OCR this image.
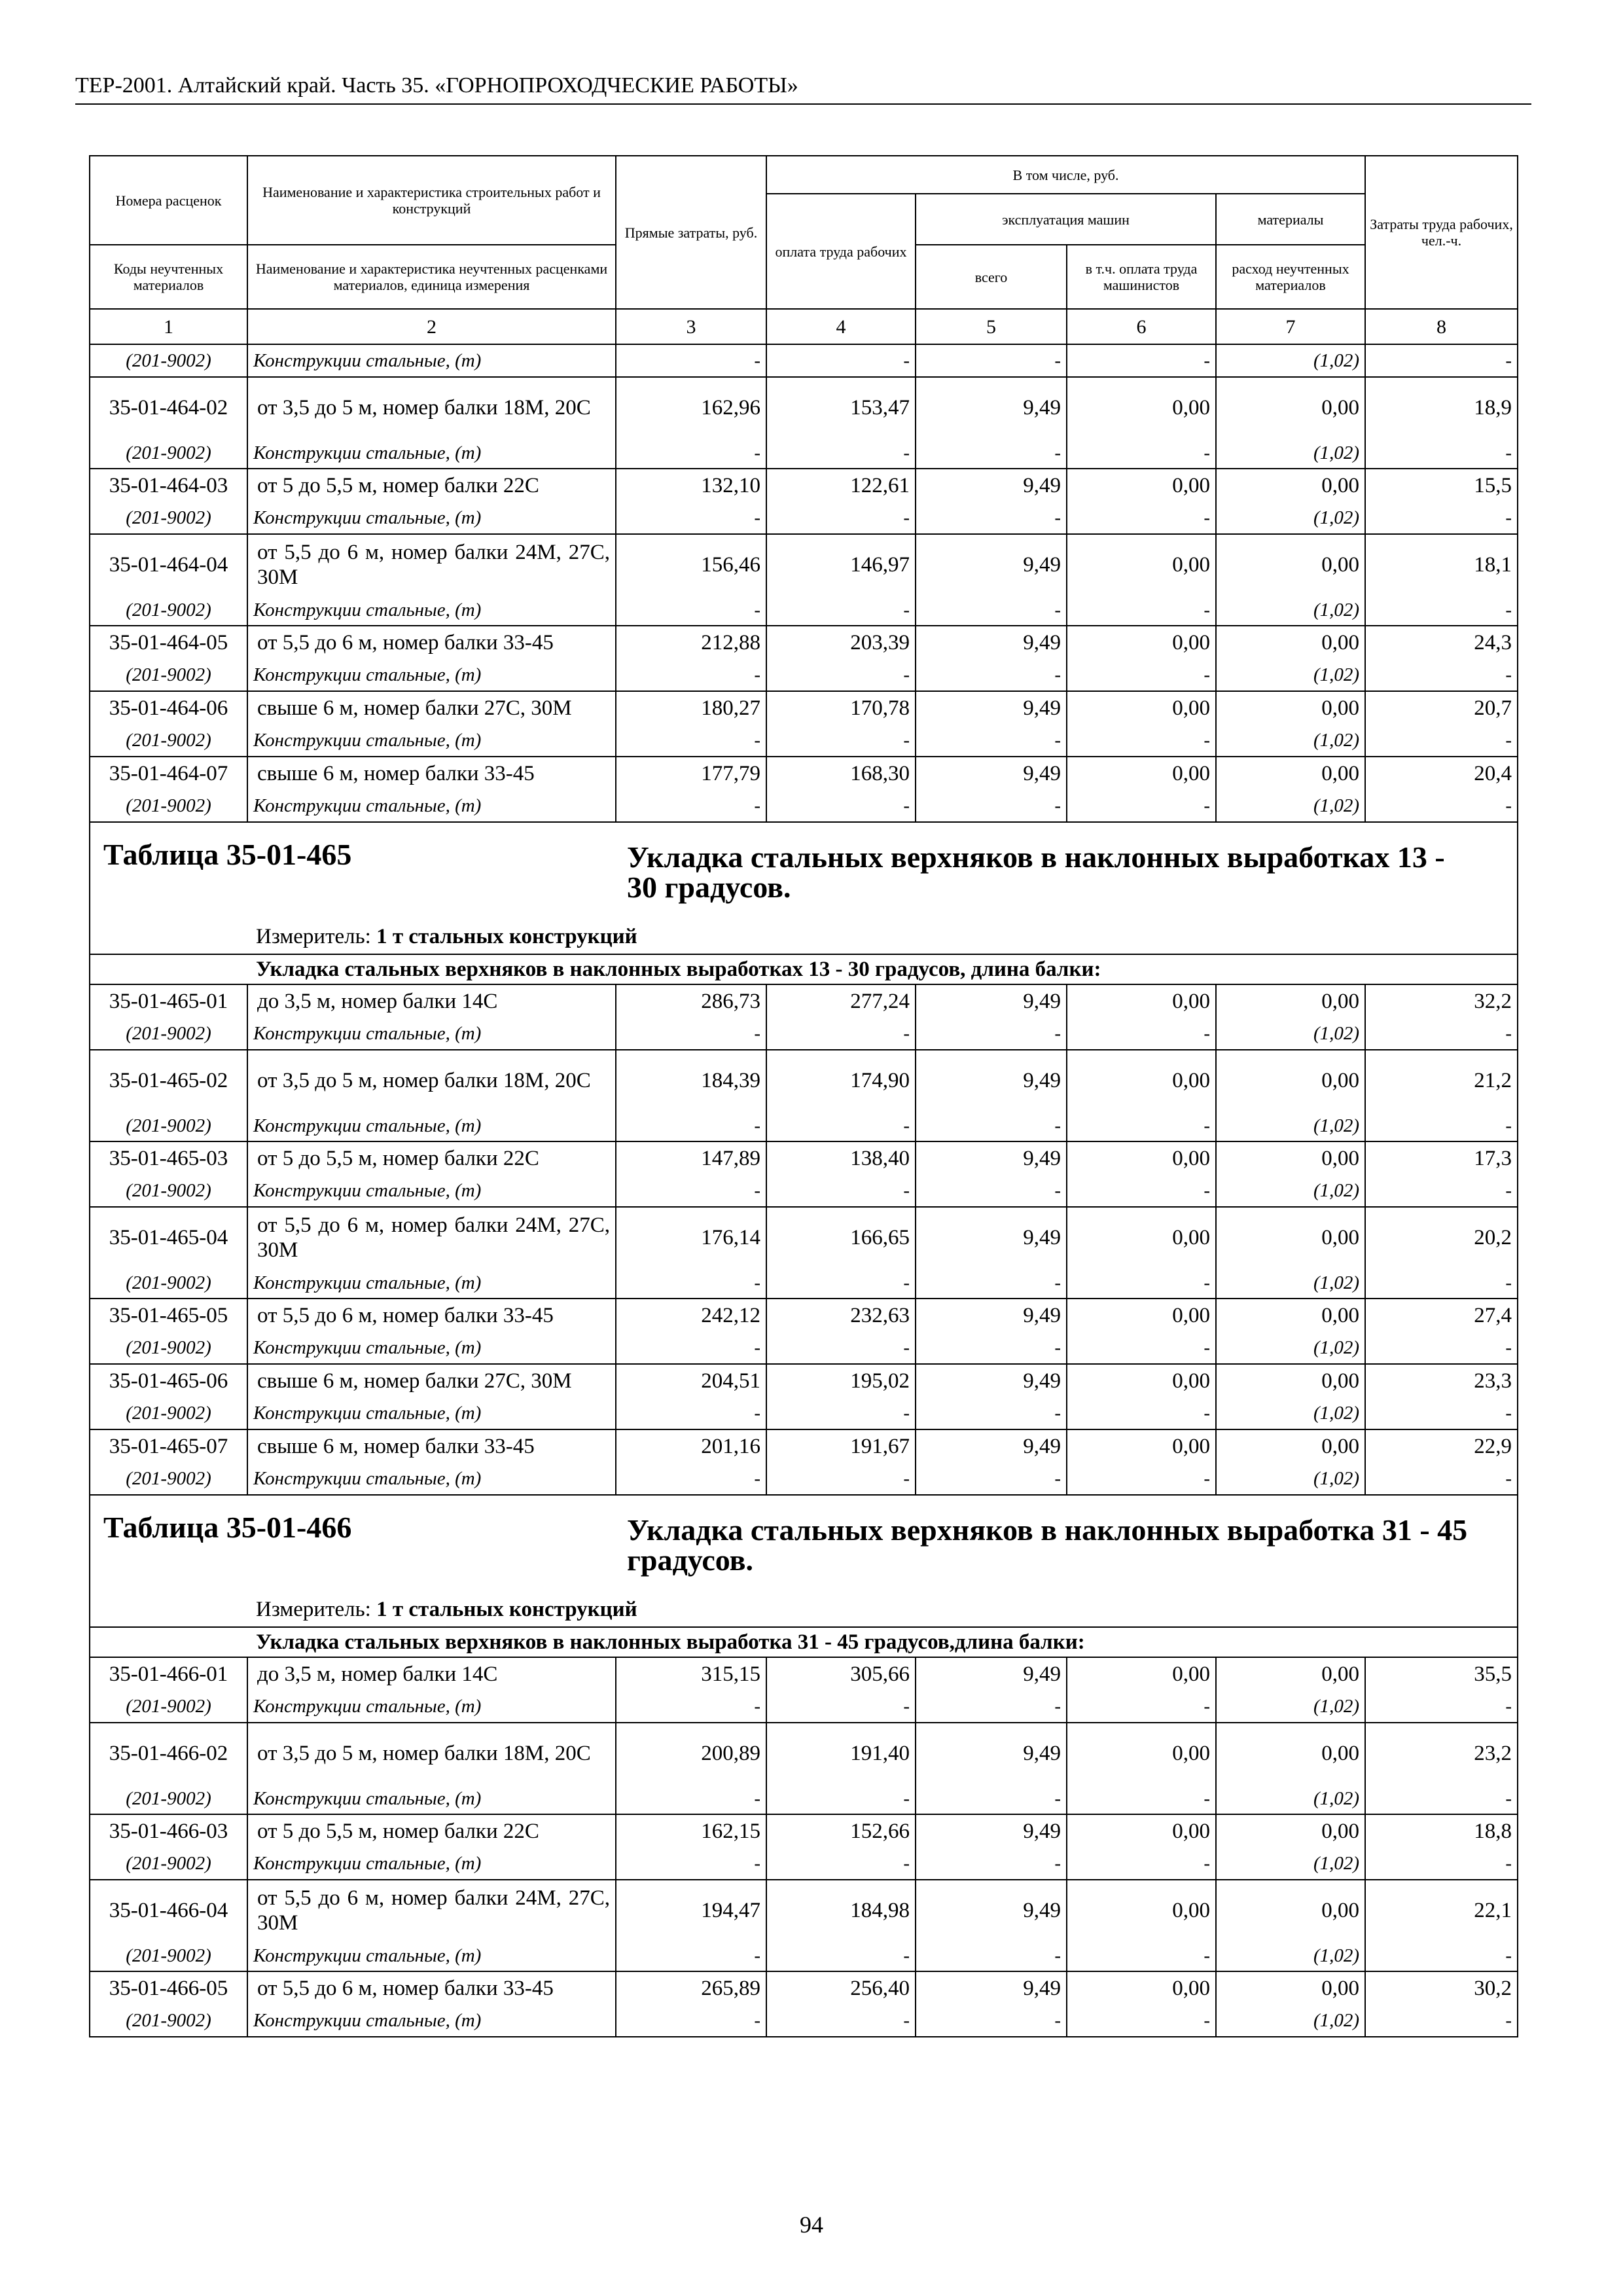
ТЕР-2001. Алтайский край. Часть 35. «ГОРНОПРОХОДЧЕСКИЕ РАБОТЫ»
Номера расценок	Наименование и характеристика строительных работ и конструкций	Прямые затраты, руб.	В том числе, руб.				Затраты труда рабочих, чел.-ч.
			оплата труда рабочих	эксплуатация машин		материалы	
Коды неучтенных материалов	Наименование и характеристика неучтенных расценками материалов, единица измерения			всего	в т.ч. оплата труда машинистов	расход неучтенных материалов	
1	2	3	4	5	6	7	8
(201-9002)	Конструкции стальные, (т)	-	-	-	-	(1,02)	-
35-01-464-02	от 3,5 до 5 м, номер балки 18М, 20С	162,96	153,47	9,49	0,00	0,00	18,9
(201-9002)	Конструкции стальные, (т)	-	-	-	-	(1,02)	-
35-01-464-03	от 5 до 5,5 м, номер балки 22С	132,10	122,61	9,49	0,00	0,00	15,5
(201-9002)	Конструкции стальные, (т)	-	-	-	-	(1,02)	-
35-01-464-04	от 5,5 до 6 м, номер балки 24М, 27С, 30М	156,46	146,97	9,49	0,00	0,00	18,1
(201-9002)	Конструкции стальные, (т)	-	-	-	-	(1,02)	-
35-01-464-05	от 5,5 до 6 м, номер балки 33-45	212,88	203,39	9,49	0,00	0,00	24,3
(201-9002)	Конструкции стальные, (т)	-	-	-	-	(1,02)	-
35-01-464-06	свыше 6 м, номер балки 27С, 30М	180,27	170,78	9,49	0,00	0,00	20,7
(201-9002)	Конструкции стальные, (т)	-	-	-	-	(1,02)	-
35-01-464-07	свыше 6 м, номер балки 33-45	177,79	168,30	9,49	0,00	0,00	20,4
(201-9002)	Конструкции стальные, (т)	-	-	-	-	(1,02)	-

Таблица 35-01-465 Укладка стальных верхняков в наклонных выработках 13 - 30 градусов.
Измеритель: 1 т стальных конструкций							

Укладка стальных верхняков в наклонных выработках 13 - 30 градусов, длина балки:							
35-01-465-01	до 3,5 м, номер балки 14С	286,73	277,24	9,49	0,00	0,00	32,2
(201-9002)	Конструкции стальные, (т)	-	-	-	-	(1,02)	-
35-01-465-02	от 3,5 до 5 м, номер балки 18М, 20С	184,39	174,90	9,49	0,00	0,00	21,2
(201-9002)	Конструкции стальные, (т)	-	-	-	-	(1,02)	-
35-01-465-03	от 5 до 5,5 м, номер балки 22С	147,89	138,40	9,49	0,00	0,00	17,3
(201-9002)	Конструкции стальные, (т)	-	-	-	-	(1,02)	-
35-01-465-04	от 5,5 до 6 м, номер балки 24М, 27С, 30М	176,14	166,65	9,49	0,00	0,00	20,2
(201-9002)	Конструкции стальные, (т)	-	-	-	-	(1,02)	-
35-01-465-05	от 5,5 до 6 м, номер балки 33-45	242,12	232,63	9,49	0,00	0,00	27,4
(201-9002)	Конструкции стальные, (т)	-	-	-	-	(1,02)	-
35-01-465-06	свыше 6 м, номер балки 27С, 30М	204,51	195,02	9,49	0,00	0,00	23,3
(201-9002)	Конструкции стальные, (т)	-	-	-	-	(1,02)	-
35-01-465-07	свыше 6 м, номер балки 33-45	201,16	191,67	9,49	0,00	0,00	22,9
(201-9002)	Конструкции стальные, (т)	-	-	-	-	(1,02)	-

Таблица 35-01-466 Укладка стальных верхняков в наклонных выработка 31 - 45 градусов.
Измеритель: 1 т стальных конструкций							

Укладка стальных верхняков в наклонных выработка 31 - 45 градусов,длина балки:							
35-01-466-01	до 3,5 м, номер балки 14С	315,15	305,66	9,49	0,00	0,00	35,5
(201-9002)	Конструкции стальные, (т)	-	-	-	-	(1,02)	-
35-01-466-02	от 3,5 до 5 м, номер балки 18М, 20С	200,89	191,40	9,49	0,00	0,00	23,2
(201-9002)	Конструкции стальные, (т)	-	-	-	-	(1,02)	-
35-01-466-03	от 5 до 5,5 м, номер балки 22С	162,15	152,66	9,49	0,00	0,00	18,8
(201-9002)	Конструкции стальные, (т)	-	-	-	-	(1,02)	-
35-01-466-04	от 5,5 до 6 м, номер балки 24М, 27С, 30М	194,47	184,98	9,49	0,00	0,00	22,1
(201-9002)	Конструкции стальные, (т)	-	-	-	-	(1,02)	-
35-01-466-05	от 5,5 до 6 м, номер балки 33-45	265,89	256,40	9,49	0,00	0,00	30,2
(201-9002)	Конструкции стальные, (т)	-	-	-	-	(1,02)	-
94
